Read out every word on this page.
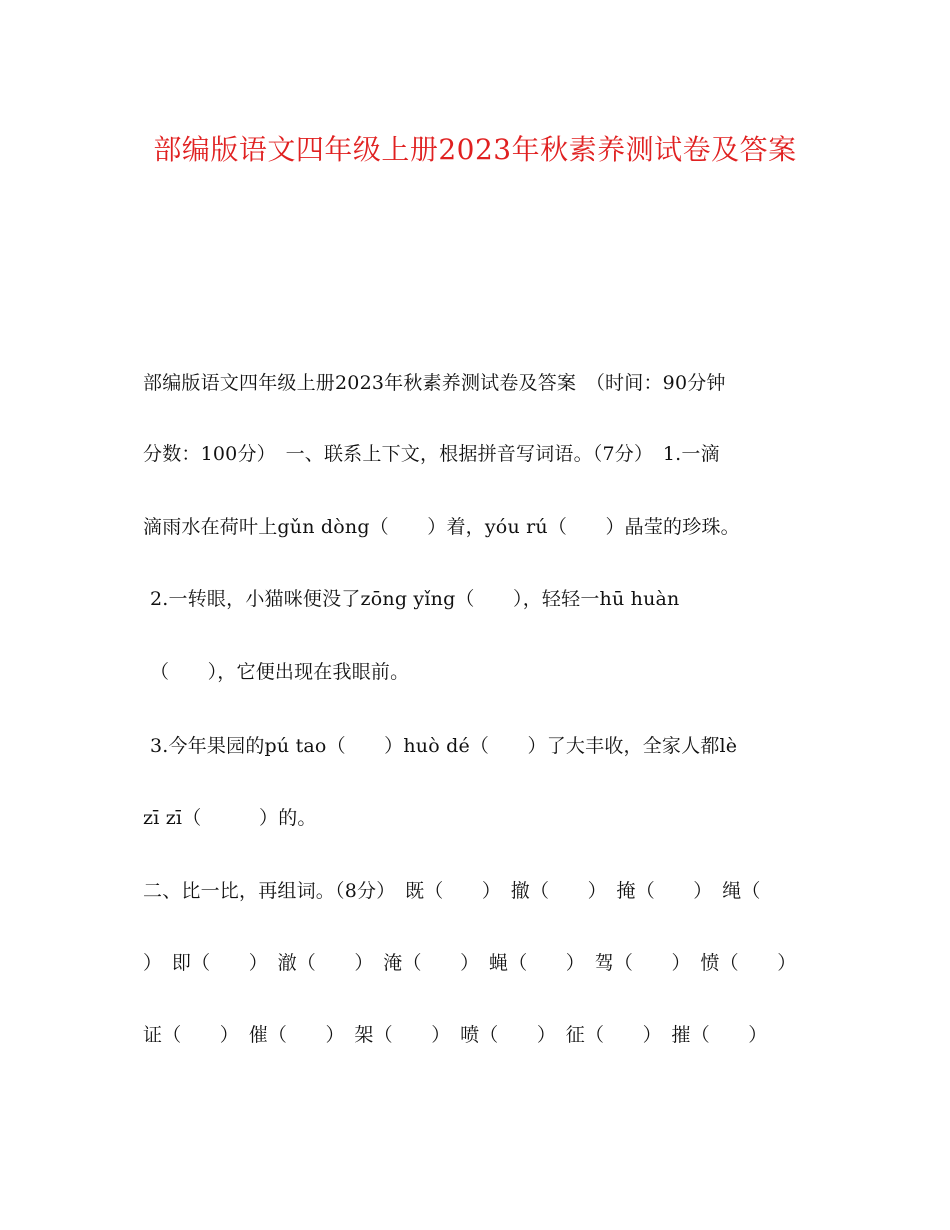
部编版语文四年级上册2023年秋素养测试卷及答案
部编版语文四年级上册2023年秋素养测试卷及答案　（时间：90分钟
分数：100分）　一、联系上下文，根据拼音写词语。（7分）　1.一滴
滴雨水在荷叶上gǔn dòng（　　）着，yóu rú（　　）晶莹的珍珠。
2.一转眼，小猫咪便没了zōng yǐng（　　），轻轻一hū huàn
（　　），它便出现在我眼前。
3.今年果园的pú tao（　　）huò dé（　　）了大丰收，全家人都lè
zī zī（　　　）的。
二、比一比，再组词。（8分）　既（　　）　撤（　　）　掩（　　）　绳（
）　即（　　）　澈（　　）　淹（　　）　蝇（　　）　驾（　　）　愤（　　）
证（　　）　催（　　）　架（　　）　喷（　　）　征（　　）　摧（　　）
